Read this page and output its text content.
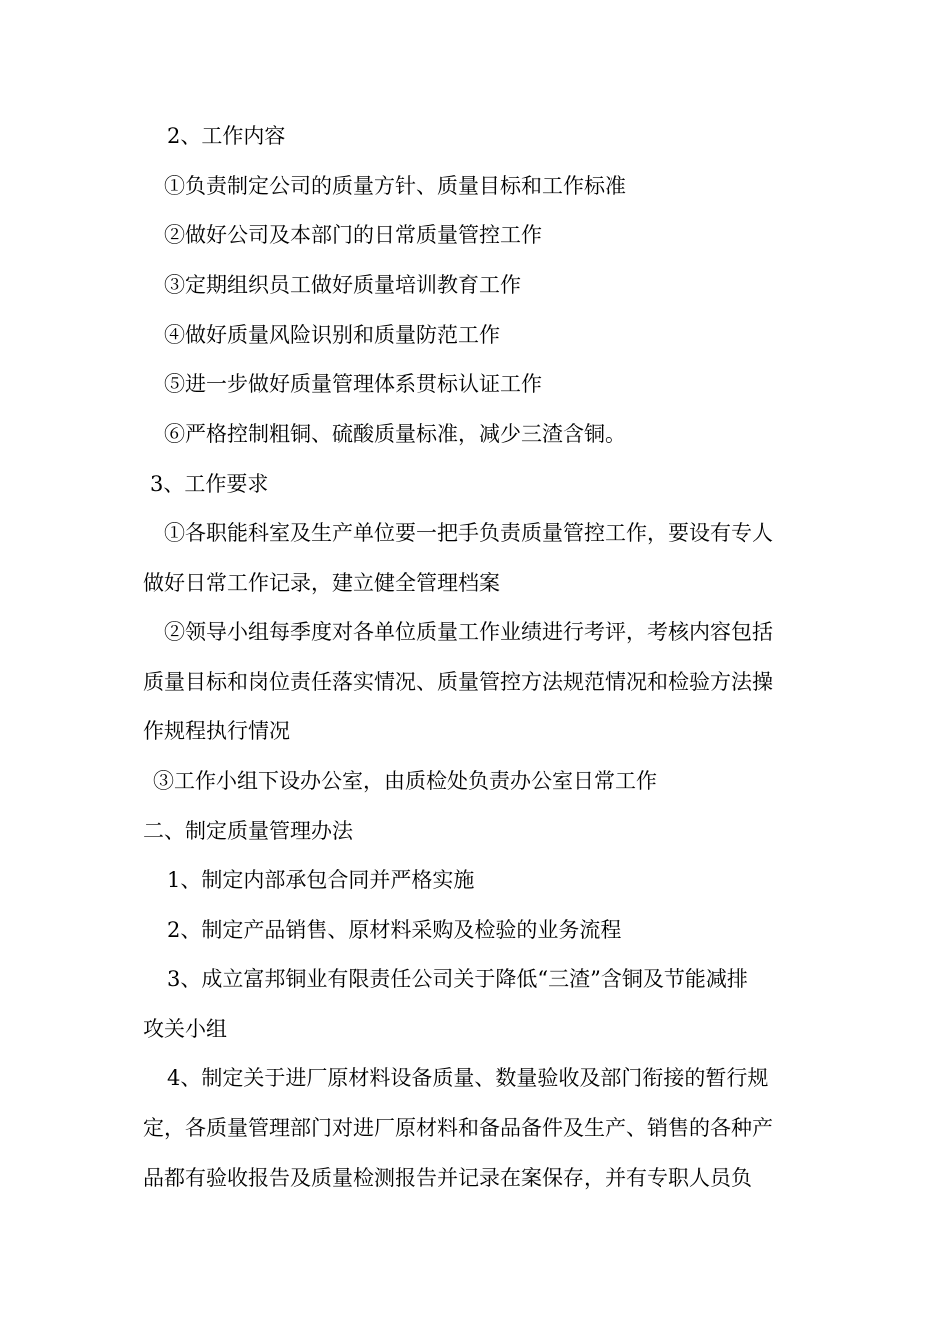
2、工作内容
①负责制定公司的质量方针、质量目标和工作标准
②做好公司及本部门的日常质量管控工作
③定期组织员工做好质量培训教育工作
④做好质量风险识别和质量防范工作
⑤进一步做好质量管理体系贯标认证工作
⑥严格控制粗铜、硫酸质量标准，减少三渣含铜。
3、工作要求
①各职能科室及生产单位要一把手负责质量管控工作，要设有专人
做好日常工作记录，建立健全管理档案
②领导小组每季度对各单位质量工作业绩进行考评，考核内容包括
质量目标和岗位责任落实情况、质量管控方法规范情况和检验方法操
作规程执行情况
③工作小组下设办公室，由质检处负责办公室日常工作
二、制定质量管理办法
1、制定内部承包合同并严格实施
2、制定产品销售、原材料采购及检验的业务流程
3、成立富邦铜业有限责任公司关于降低“三渣”含铜及节能减排
攻关小组
4、制定关于进厂原材料设备质量、数量验收及部门衔接的暂行规
定，各质量管理部门对进厂原材料和备品备件及生产、销售的各种产
品都有验收报告及质量检测报告并记录在案保存，并有专职人员负
